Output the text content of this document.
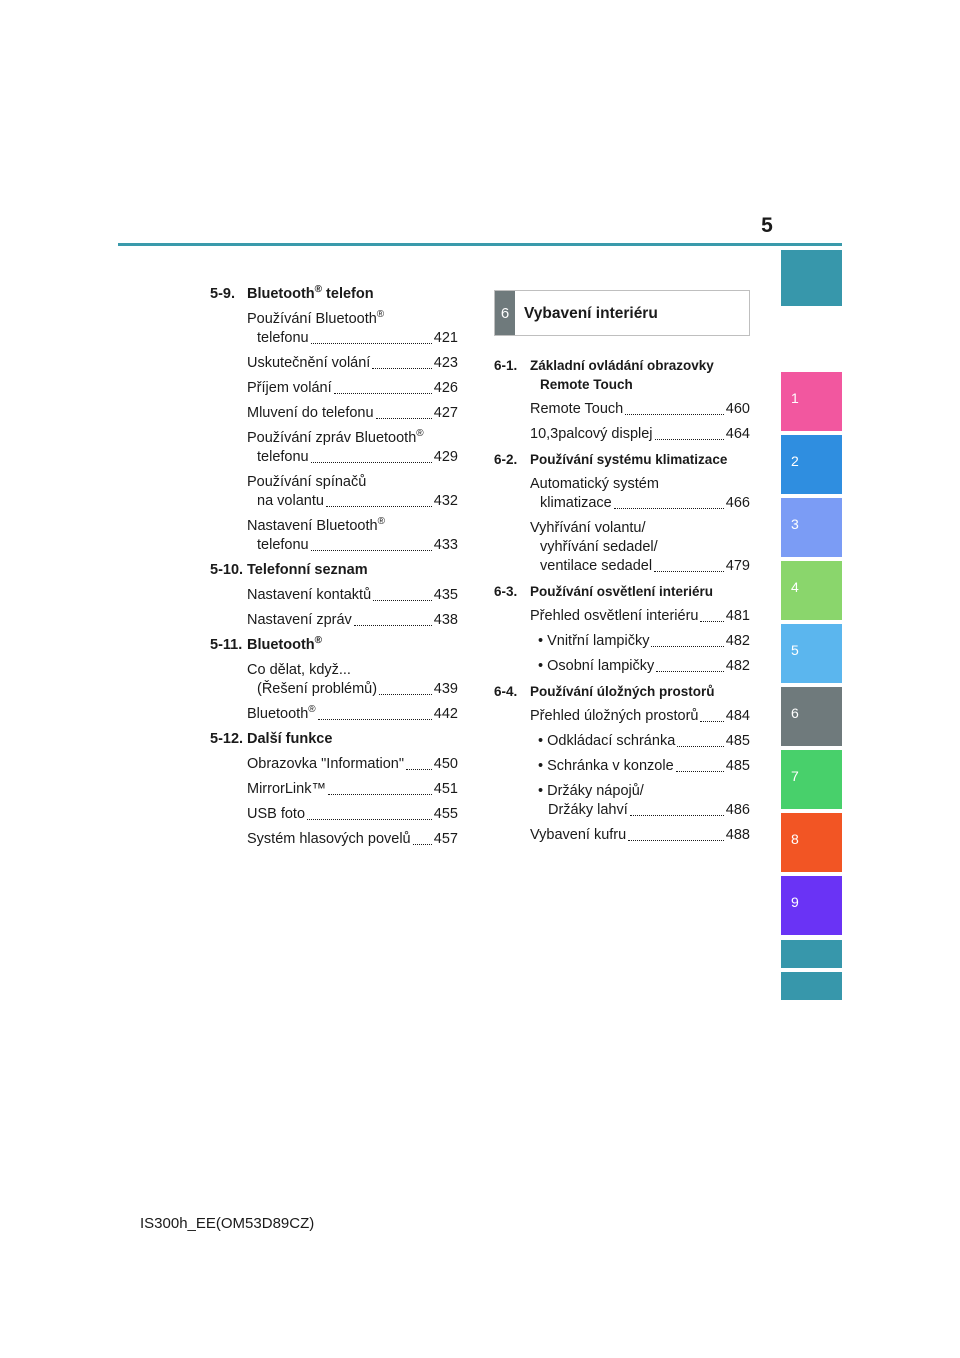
5
1
2
3
4
5
6
7
8
9
5-9. Bluetooth® telefon
Používání Bluetooth®
telefonu	421
Uskutečnění volání	423
Příjem volání	426
Mluvení do telefonu	427
Používání zpráv Bluetooth®
telefonu	429
Používání spínačů
na volantu	432
Nastavení Bluetooth®
telefonu	433
5-10. Telefonní seznam
Nastavení kontaktů	435
Nastavení zpráv	438
5-11. Bluetooth®
Co dělat, když...
(Řešení problémů)	439
Bluetooth®	442
5-12. Další funkce
Obrazovka "Information" 450
MirrorLink™	451
USB foto	455
Systém hlasových povelů 457
6 Vybavení interiéru
6-1. Základní ovládání obrazovky
Remote Touch
Remote Touch	460
10,3palcový displej	464
6-2. Používání systému klimatizace
Automatický systém
klimatizace	466
Vyhřívání volantu/
vyhřívání sedadel/
ventilace sedadel	479
6-3. Používání osvětlení interiéru
Přehled osvětlení interiéru 481
• Vnitřní lampičky	482
• Osobní lampičky	482
6-4. Používání úložných prostorů
Přehled úložných prostorů 484
• Odkládací schránka	485
• Schránka v konzole	485
• Držáky nápojů/
Držáky lahví	486
Vybavení kufru	488
IS300h_EE(OM53D89CZ)
